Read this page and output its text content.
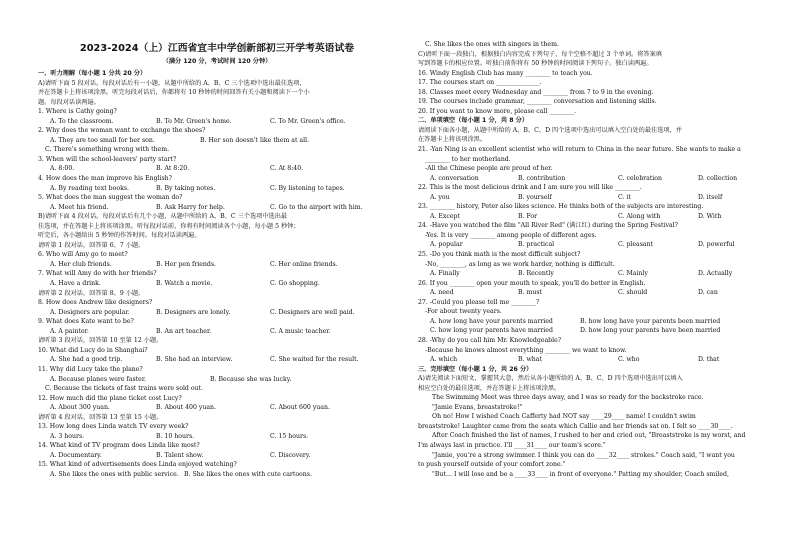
2023-2024（上）江西省宜丰中学创新部初三开学考英语试卷
（满分 120 分，考试时间 120 分钟）
一、听力理解（每小题 1 分共 20 分）
A)请听下面 5 段对话。每段对话后有一小题，从题中所给的 A、B、C 三个选项中选出最佳选项，
并在答题卡上将该项涂黑。听完每段对话后，你都将有 10 秒钟的时间回答有关小题和阅读下一个小
题。每段对话读两遍。
1. Where is Cathy going?
A. To the classroom.	B. To Mr. Green's home.	C. To Mr. Green's office.
2. Why does the woman want to exchange the shoes?
A. They are too small for her son.	B. Her son doesn't like them at all.
C. There's something wrong with them.
3. When will the school-leavers' party start?
A. 8:00.	B. At 8:20.	C. At 8:40.
4. How does the man improve his English?
A. By reading text books.	B. By taking notes.	C. By listening to tapes.
5. What does the man suggest the woman do?
A. Meet his friend.	B. Ask Harry for help.	C. Go to the airport with him.
B)请听下面 4 段对话。每段对话后有几个小题，从题中所给的 A、B、C 三个选项中选出最
佳选项，并在答题卡上将该项涂黑。听每段对话前，你将有时间阅读各个小题，每小题 5 秒钟；
听完后，各小题给出 5 秒钟的作答时间。每段对话读两遍。
请听第 1 段对话，回答第 6、7 小题。
6. Who will Amy go to meet?
A. Her club friends.	B. Her pen friends.	C. Her online friends.
7. What will Amy do with her friends?
A. Have a drink.	B. Watch a movie.	C. Go shopping.
请听第 2 段对话，回答第 8、9 小题。
8. How does Andrew like designers?
A. Designers are popular.	B. Designers are lonely.	C. Designers are well paid.
9. What does Kate want to be?
A. A painter.	B. An art teacher.	C. A music teacher.
请听第 3 段对话，回答第 10 至第 12 小题。
10. What did Lucy do in Shanghai?
A. She had a good trip.	B. She had an interview.	C. She waited for the result.
11. Why did Lucy take the plane?
A. Because planes were faster.	B. Because she was lucky.
C. Because the tickets of fast trains were sold out.
12. How much did the plane ticket cost Lucy?
A. About 300 yuan.	B. About 400 yuan.	C. About 600 yuan.
请听第 4 段对话，回答第 13 至第 15 小题。
13. How long does Linda watch TV every week?
A. 3 hours.	B. 10 hours.	C. 15 hours.
14. What kind of TV program does Linda like most?
A. Documentary.	B. Talent show.	C. Discovery.
15. What kind of advertisements does Linda enjoyed watching?
A. She likes the ones with public service. B. She likes the ones with cute cartoons.
C. She likes the ones with singers in them.
C)请听下面一段独白，根据独白内容完成下列句子，每个空格不超过 3 个单词。将答案填
写到答题卡的相应位置。听独白前你将有 50 秒钟的时间阅读下列句子。独白读两遍。
16. Windy English Club has many ________ to teach you.
17. The courses start on ______________.
18. Classes meet every Wednesday and ________ from 7 to 9 in the evening.
19. The courses include grammar, ________ conversation and listening skills.
20. If you want to know more, please call ________.
二、单项填空（每小题 1 分，共 8 分）
请阅读下面各小题，从题中所给的 A、B、C、D 四个选项中选出可以填入空白处的最佳选项，并
在答题卡上将该项涂黑。
21. -Yan Ning is an excellent scientist who will return to China in the near future. She wants to make a
________ to her motherland.
-All the Chinese people are proud of her.
A. conversation	B. contribution	C. celebration	D. collection
22. This is the most delicious drink and I am sure you will like ________.
A. you	B. yourself	C. it	D. itself
23. ________ history, Peter also likes science. He thinks both of the subjects are interesting.
A. Except	B. For	C. Along with	D. With
24. -Have you watched the film "All River Red" (满江红) during the Spring Festival?
-Yes. It is very ________ among people of different ages.
A. popular	B. practical	C. pleasant	D. powerful
25. -Do you think math is the most difficult subject?
-No, ________, as long as we work harder, nothing is difficult.
A. Finally	B. Recently	C. Mainly	D. Actually
26. If you ________ open your mouth to speak, you'll do better in English.
A. need	B. must	C. should	D. can
27. -Could you please tell me ________?
-For about twenty years.
A. how long have your parents married	B. how long have your parents been married
C. how long your parents have married	D. how long your parents have been married
28. -Why do you call him Mr. Knowledgeable?
-Because he knows almost everything ________ we want to know.
A. which	B. what	C. who	D. that
三、完形填空（每小题 1 分，共 26 分）
A)请先阅读下面短文，掌握其大意，然后从各小题所给的 A、B、C、D 四个选项中选出可以填入
相应空白处的最佳选项，并在答题卡上将该项涂黑。
The Swimming Meet was three days away, and I was so ready for the backstroke race.
"Jamie Evans, breaststroke!"
Oh no! How I wished Coach Cafferty had NOT say ____29____ name! I couldn't swim
breaststroke! Laughter came from the seats which Callie and her friends sat on. I felt so ____30____.
After Coach finished the list of names, I rushed to her and cried out, "Breaststroke is my worst, and
I'm always last in practice. I'll ____31____ our team's score."
"Jamie, you're a strong swimmer. I think you can do ____32____ strokes." Coach said, "I want you
to push yourself outside of your comfort zone."
"But… I will lose and be a ____33____ in front of everyone." Patting my shoulder, Coach smiled,
